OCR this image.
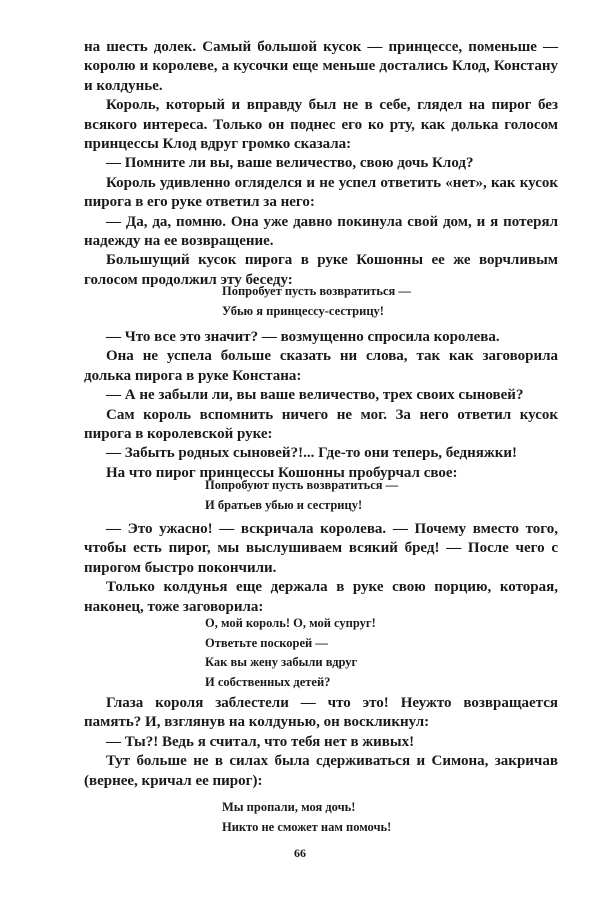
на шесть долек. Самый большой кусок — принцессе, поменьше — королю и королеве, а кусочки еще меньше достались Клод, Констану и колдунье.

Король, который и вправду был не в себе, глядел на пирог без всякого интереса. Только он поднес его ко рту, как долька голосом принцессы Клод вдруг громко сказала:

— Помните ли вы, ваше величество, свою дочь Клод?

Король удивленно огляделся и не успел ответить «нет», как кусок пирога в его руке ответил за него:

— Да, да, помню. Она уже давно покинула свой дом, и я потерял надежду на ее возвращение.

Большущий кусок пирога в руке Кошонны ее же ворчливым голосом продолжил эту беседу:

Попробует пусть возвратиться —
Убью я принцессу-сестрицу!

— Что все это значит? — возмущенно спросила королева.

Она не успела больше сказать ни слова, так как заговорила долька пирога в руке Констана:

— А не забыли ли, вы ваше величество, трех своих сыновей?

Сам король вспомнить ничего не мог. За него ответил кусок пирога в королевской руке:

— Забыть родных сыновей?!... Где-то они теперь, бедняжки!

На что пирог принцессы Кошонны пробурчал свое:

Попробуют пусть возвратиться —
И братьев убью и сестрицу!

— Это ужасно! — вскричала королева. — Почему вместо того, чтобы есть пирог, мы выслушиваем всякий бред! — После чего с пирогом быстро покончили.

Только колдунья еще держала в руке свою порцию, которая, наконец, тоже заговорила:

О, мой король! О, мой супруг!
Ответьте поскорей —
Как вы жену забыли вдруг
И собственных детей?

Глаза короля заблестели — что это! Неужто возвращается память? И, взглянув на колдунью, он воскликнул:

— Ты?! Ведь я считал, что тебя нет в живых!

Тут больше не в силах была сдерживаться и Симона, закричав (вернее, кричал ее пирог):

Мы пропали, моя дочь!
Никто не сможет нам помочь!
66
